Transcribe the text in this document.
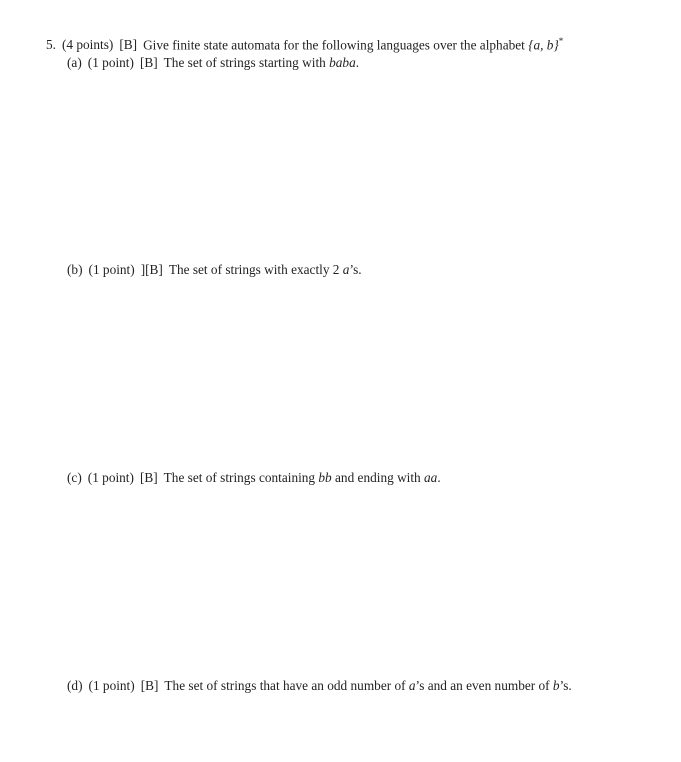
5. (4 points) [B] Give finite state automata for the following languages over the alphabet {a, b}*
(a) (1 point) [B] The set of strings starting with baba.
(b) (1 point) ][B] The set of strings with exactly 2 a’s.
(c) (1 point) [B] The set of strings containing bb and ending with aa.
(d) (1 point) [B] The set of strings that have an odd number of a’s and an even number of b’s.
